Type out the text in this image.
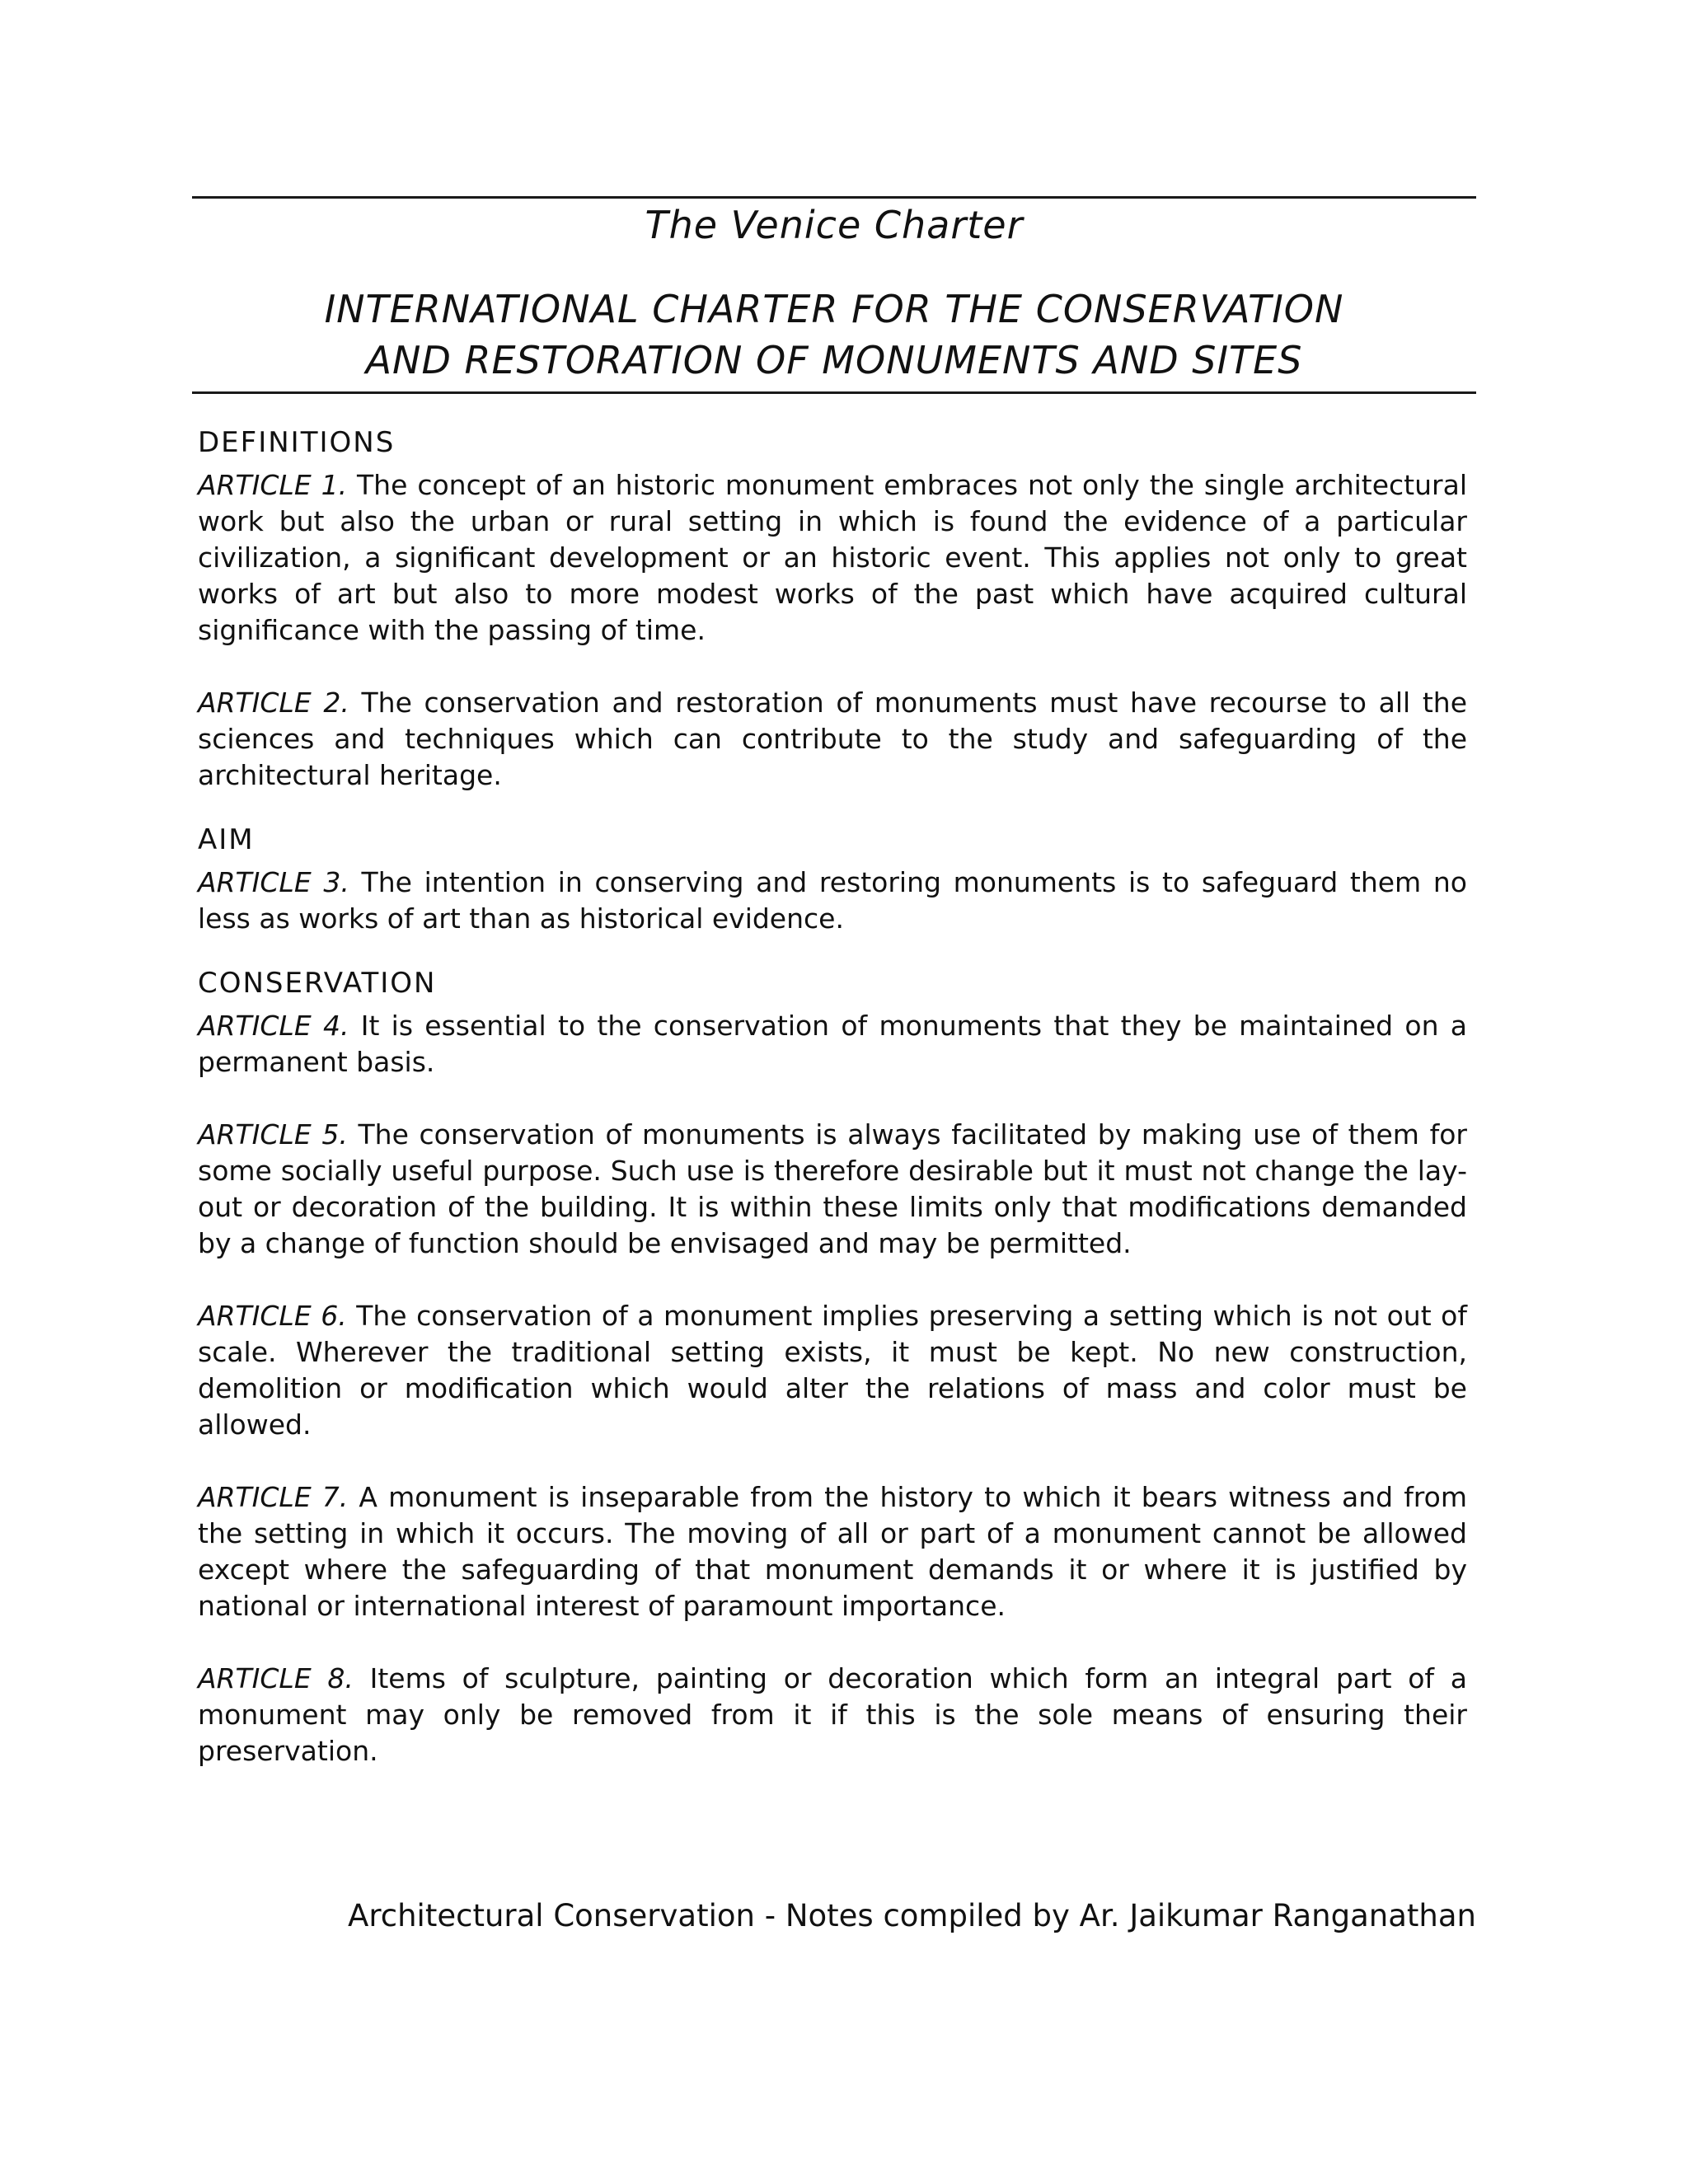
The Venice Charter
INTERNATIONAL CHARTER FOR THE CONSERVATION
AND RESTORATION OF MONUMENTS AND SITES
DEFINITIONS

ARTICLE 1. The concept of an historic monument embraces not only the single architectural work but also the urban or rural setting in which is found the evidence of a particular civilization, a significant development or an historic event. This applies not only to great works of art but also to more modest works of the past which have acquired cultural significance with the passing of time.

ARTICLE 2. The conservation and restoration of monuments must have recourse to all the sciences and techniques which can contribute to the study and safeguarding of the architectural heritage.

AIM

ARTICLE 3. The intention in conserving and restoring monuments is to safeguard them no less as works of art than as historical evidence.

CONSERVATION

ARTICLE 4. It is essential to the conservation of monuments that they be maintained on a permanent basis.

ARTICLE 5. The conservation of monuments is always facilitated by making use of them for some socially useful purpose. Such use is therefore desirable but it must not change the lay-out or decoration of the building. It is within these limits only that modifications demanded by a change of function should be envisaged and may be permitted.

ARTICLE 6. The conservation of a monument implies preserving a setting which is not out of scale. Wherever the traditional setting exists, it must be kept. No new construction, demolition or modification which would alter the relations of mass and color must be allowed.

ARTICLE 7. A monument is inseparable from the history to which it bears witness and from the setting in which it occurs. The moving of all or part of a monument cannot be allowed except where the safeguarding of that monument demands it or where it is justified by national or international interest of paramount importance.

ARTICLE 8. Items of sculpture, painting or decoration which form an integral part of a monument may only be removed from it if this is the sole means of ensuring their preservation.

Architectural Conservation - Notes compiled by Ar. Jaikumar Ranganathan
